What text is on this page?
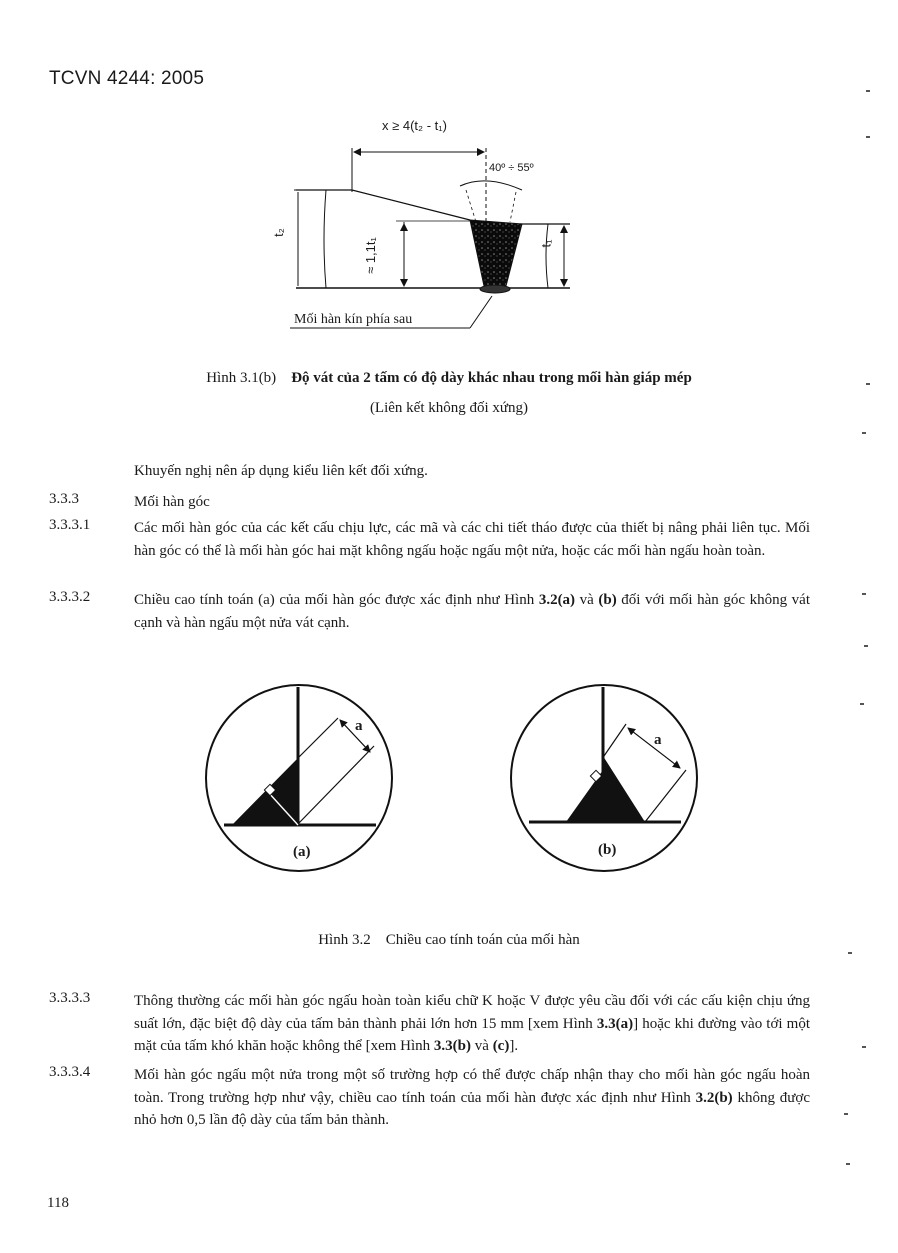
TCVN 4244: 2005
x ≥ 4(t₂ - t₁)
40º ÷ 55º
t₂
≈ 1,1t₁	t₁
Mối hàn kín phía sau
Hình 3.1(b) Độ vát của 2 tấm có độ dày khác nhau trong mối hàn giáp mép
(Liên kết không đối xứng)
Khuyến nghị nên áp dụng kiểu liên kết đối xứng.
3.3.3	Mối hàn góc
3.3.3.1	Các mối hàn góc của các kết cấu chịu lực, các mã và các chi tiết tháo được của thiết bị nâng phải liên tục. Mối hàn góc có thể là mối hàn góc hai mặt không ngấu hoặc ngấu một nửa, hoặc các mối hàn ngấu hoàn toàn.
3.3.3.2	Chiều cao tính toán (a) của mối hàn góc được xác định như Hình 3.2(a) và (b) đối với mối hàn góc không vát cạnh và hàn ngấu một nửa vát cạnh.
a
a
(a)	(b)
Hình 3.2    Chiều cao tính toán của mối hàn
3.3.3.3	Thông thường các mối hàn góc ngấu hoàn toàn kiểu chữ K hoặc V được yêu cầu đối với các cấu kiện chịu ứng suất lớn, đặc biệt độ dày của tấm bản thành phải lớn hơn 15 mm [xem Hình 3.3(a)] hoặc khi đường vào tới một mặt của tấm khó khăn hoặc không thể [xem Hình 3.3(b) và (c)].
3.3.3.4	Mối hàn góc ngấu một nửa trong một số trường hợp có thể được chấp nhận thay cho mối hàn góc ngấu hoàn toàn. Trong trường hợp như vậy, chiều cao tính toán của mối hàn được xác định như Hình 3.2(b) không được nhỏ hơn 0,5 lần độ dày của tấm bản thành.
118
